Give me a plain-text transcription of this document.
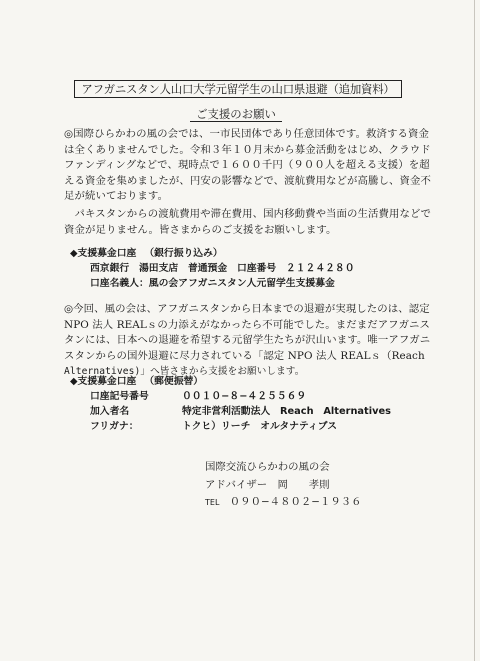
アフガニスタン人山口大学元留学生の山口県退避（追加資料）
ご支援のお願い

◎国際ひらかわの風の会では、一市民団体であり任意団体です。救済する資金

は全くありませんでした。令和３年１０月末から募金活動をはじめ、クラウド

ファンディングなどで、現時点で１６００千円（９００人を超える支援）を超

える資金を集めましたが、円安の影響などで、渡航費用などが高騰し、資金不

足が続いております。

　パキスタンからの渡航費用や滞在費用、国内移動費や当面の生活費用などで

資金が足りません。皆さまからのご支援をお願いします。

◆支援募金口座 （銀行振り込み）

西京銀行　湯田支店　普通預金　口座番号　２１２４２８０

口座名義人：風の会アフガニスタン人元留学生支援募金

◎今回、風の会は、アフガニスタンから日本までの退避が実現したのは、認定

NPO 法人 REALｓの力添えがなかったら不可能でした。まだまだアフガニス

タンには、日本への退避を希望する元留学生たちが沢山います。唯一アフガニ

スタンからの国外退避に尽力されている「認定 NPO 法人 REALｓ（Reach

Alternatives)」へ皆さまから支援をお願いします。

◆支援募金口座 （郵便振替）

口座記号番号	００１０−８−４２５５６９

加入者名	特定非営利活動法人　Reach　Alternatives

フリガナ：	トクヒ）リーチ　オルタナティブス

国際交流ひらかわの風の会

アドバイザー　岡　　孝則

TEL　 ０９０−４８０２−１９３６
